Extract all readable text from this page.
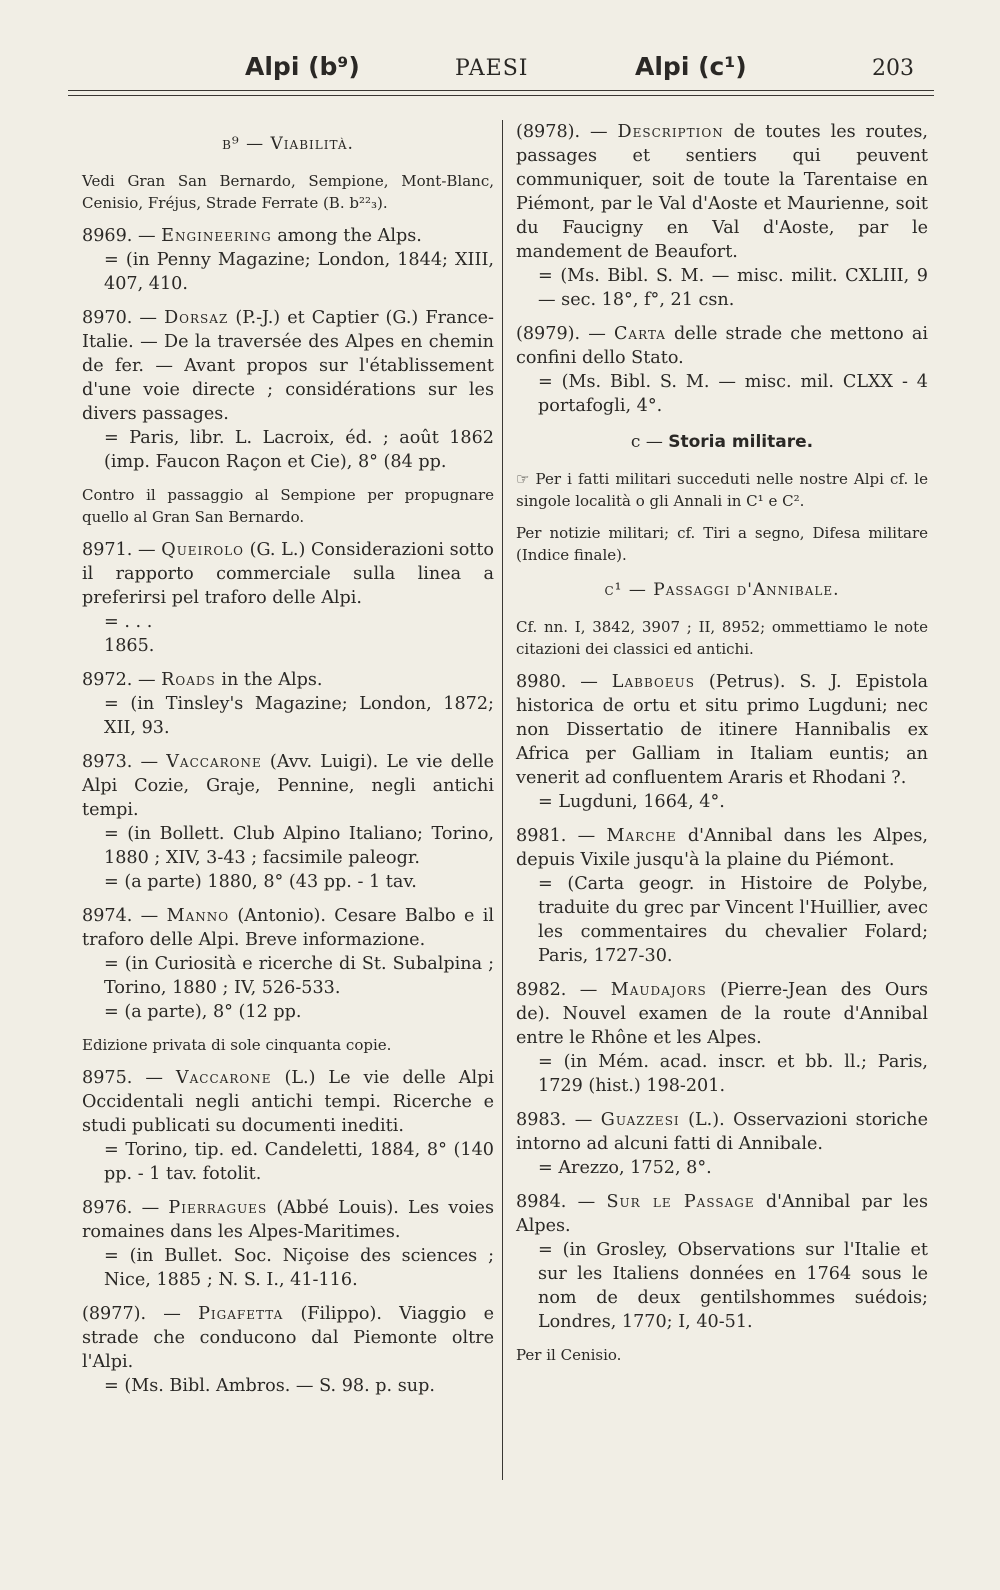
Alpi (b⁹)	PAESI	Alpi (c¹)	203
b⁹ — Viabilità.
Vedi Gran San Bernardo, Sempione, Mont-Blanc, Cenisio, Fréjus, Strade Ferrate (B. b²²₃).
8969. — Engineering among the Alps.
= (in Penny Magazine; London, 1844; XIII, 407, 410.
8970. — Dorsaz (P.-J.) et Captier (G.) France-Italie. — De la traversée des Alpes en chemin de fer. — Avant propos sur l'établissement d'une voie directe ; considérations sur les divers passages.
= Paris, libr. L. Lacroix, éd. ; août 1862 (imp. Faucon Raçon et Cie), 8° (84 pp.
Contro il passaggio al Sempione per propugnare quello al Gran San Bernardo.
8971. — Queirolo (G. L.) Considerazioni sotto il rapporto commerciale sulla linea a preferirsi pel traforo delle Alpi.
= . . .
1865.
8972. — Roads in the Alps.
= (in Tinsley's Magazine; London, 1872; XII, 93.
8973. — Vaccarone (Avv. Luigi). Le vie delle Alpi Cozie, Graje, Pennine, negli antichi tempi.
= (in Bollett. Club Alpino Italiano; Torino, 1880 ; XIV, 3-43 ; facsimile paleogr.
= (a parte) 1880, 8° (43 pp. - 1 tav.
8974. — Manno (Antonio). Cesare Balbo e il traforo delle Alpi. Breve informazione.
= (in Curiosità e ricerche di St. Subalpina ; Torino, 1880 ; IV, 526-533.
= (a parte), 8° (12 pp.
Edizione privata di sole cinquanta copie.
8975. — Vaccarone (L.) Le vie delle Alpi Occidentali negli antichi tempi. Ricerche e studi publicati su documenti inediti.
= Torino, tip. ed. Candeletti, 1884, 8° (140 pp. - 1 tav. fotolit.
8976. — Pierragues (Abbé Louis). Les voies romaines dans les Alpes-Maritimes.
= (in Bullet. Soc. Niçoise des sciences ; Nice, 1885 ; N. S. I., 41-116.
(8977). — Pigafetta (Filippo). Viaggio e strade che conducono dal Piemonte oltre l'Alpi.
= (Ms. Bibl. Ambros. — S. 98. p. sup.
(8978). — Description de toutes les routes, passages et sentiers qui peuvent communiquer, soit de toute la Tarentaise en Piémont, par le Val d'Aoste et Maurienne, soit du Faucigny en Val d'Aoste, par le mandement de Beaufort.
= (Ms. Bibl. S. M. — misc. milit. CXLIII, 9 — sec. 18°, f°, 21 csn.
(8979). — Carta delle strade che mettono ai confini dello Stato.
= (Ms. Bibl. S. M. — misc. mil. CLXX - 4 portafogli, 4°.
c — Storia militare.
☞ Per i fatti militari succeduti nelle nostre Alpi cf. le singole località o gli Annali in C¹ e C².
Per notizie militari; cf. Tiri a segno, Difesa militare (Indice finale).
c¹ — Passaggi d'Annibale.
Cf. nn. I, 3842, 3907 ; II, 8952; ommettiamo le note citazioni dei classici ed antichi.
8980. — Labboeus (Petrus). S. J. Epistola historica de ortu et situ primo Lugduni; nec non Dissertatio de itinere Hannibalis ex Africa per Galliam in Italiam euntis; an venerit ad confluentem Araris et Rhodani ?.
= Lugduni, 1664, 4°.
8981. — Marche d'Annibal dans les Alpes, depuis Vixile jusqu'à la plaine du Piémont.
= (Carta geogr. in Histoire de Polybe, traduite du grec par Vincent l'Huillier, avec les commentaires du chevalier Folard; Paris, 1727-30.
8982. — Maudajors (Pierre-Jean des Ours de). Nouvel examen de la route d'Annibal entre le Rhône et les Alpes.
= (in Mém. acad. inscr. et bb. ll.; Paris, 1729 (hist.) 198-201.
8983. — Guazzesi (L.). Osservazioni storiche intorno ad alcuni fatti di Annibale.
= Arezzo, 1752, 8°.
8984. — Sur le Passage d'Annibal par les Alpes.
= (in Grosley, Observations sur l'Italie et sur les Italiens données en 1764 sous le nom de deux gentilshommes suédois; Londres, 1770; I, 40-51.
Per il Cenisio.
